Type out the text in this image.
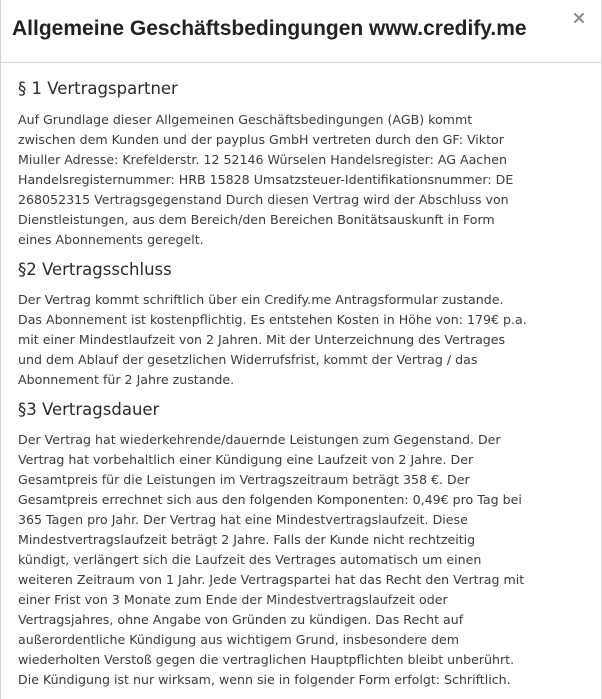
Allgemeine Geschäftsbedingungen www.credify.me
§ 1 Vertragspartner

Auf Grundlage dieser Allgemeinen Geschäftsbedingungen (AGB) kommt
zwischen dem Kunden und der payplus GmbH vertreten durch den GF: Viktor
Miuller Adresse: Krefelderstr. 12 52146 Würselen Handelsregister: AG Aachen
Handelsregisternummer: HRB 15828 Umsatzsteuer-Identifikationsnummer: DE
268052315 Vertragsgegenstand Durch diesen Vertrag wird der Abschluss von
Dienstleistungen, aus dem Bereich/den Bereichen Bonitätsauskunft in Form
eines Abonnements geregelt.

§2 Vertragsschluss

Der Vertrag kommt schriftlich über ein Credify.me Antragsformular zustande.
Das Abonnement ist kostenpflichtig. Es entstehen Kosten in Höhe von: 179€ p.a.
mit einer Mindestlaufzeit von 2 Jahren. Mit der Unterzeichnung des Vertrages
und dem Ablauf der gesetzlichen Widerrufsfrist, kommt der Vertrag / das
Abonnement für 2 Jahre zustande.

§3 Vertragsdauer

Der Vertrag hat wiederkehrende/dauernde Leistungen zum Gegenstand. Der
Vertrag hat vorbehaltlich einer Kündigung eine Laufzeit von 2 Jahre. Der
Gesamtpreis für die Leistungen im Vertragszeitraum beträgt 358 €. Der
Gesamtpreis errechnet sich aus den folgenden Komponenten: 0,49€ pro Tag bei
365 Tagen pro Jahr. Der Vertrag hat eine Mindestvertragslaufzeit. Diese
Mindestvertragslaufzeit beträgt 2 Jahre. Falls der Kunde nicht rechtzeitig
kündigt, verlängert sich die Laufzeit des Vertrages automatisch um einen
weiteren Zeitraum von 1 Jahr. Jede Vertragspartei hat das Recht den Vertrag mit
einer Frist von 3 Monate zum Ende der Mindestvertragslaufzeit oder
Vertragsjahres, ohne Angabe von Gründen zu kündigen. Das Recht auf
außerordentliche Kündigung aus wichtigem Grund, insbesondere dem
wiederholten Verstoß gegen die vertraglichen Hauptpflichten bleibt unberührt.
Die Kündigung ist nur wirksam, wenn sie in folgender Form erfolgt: Schriftlich.
